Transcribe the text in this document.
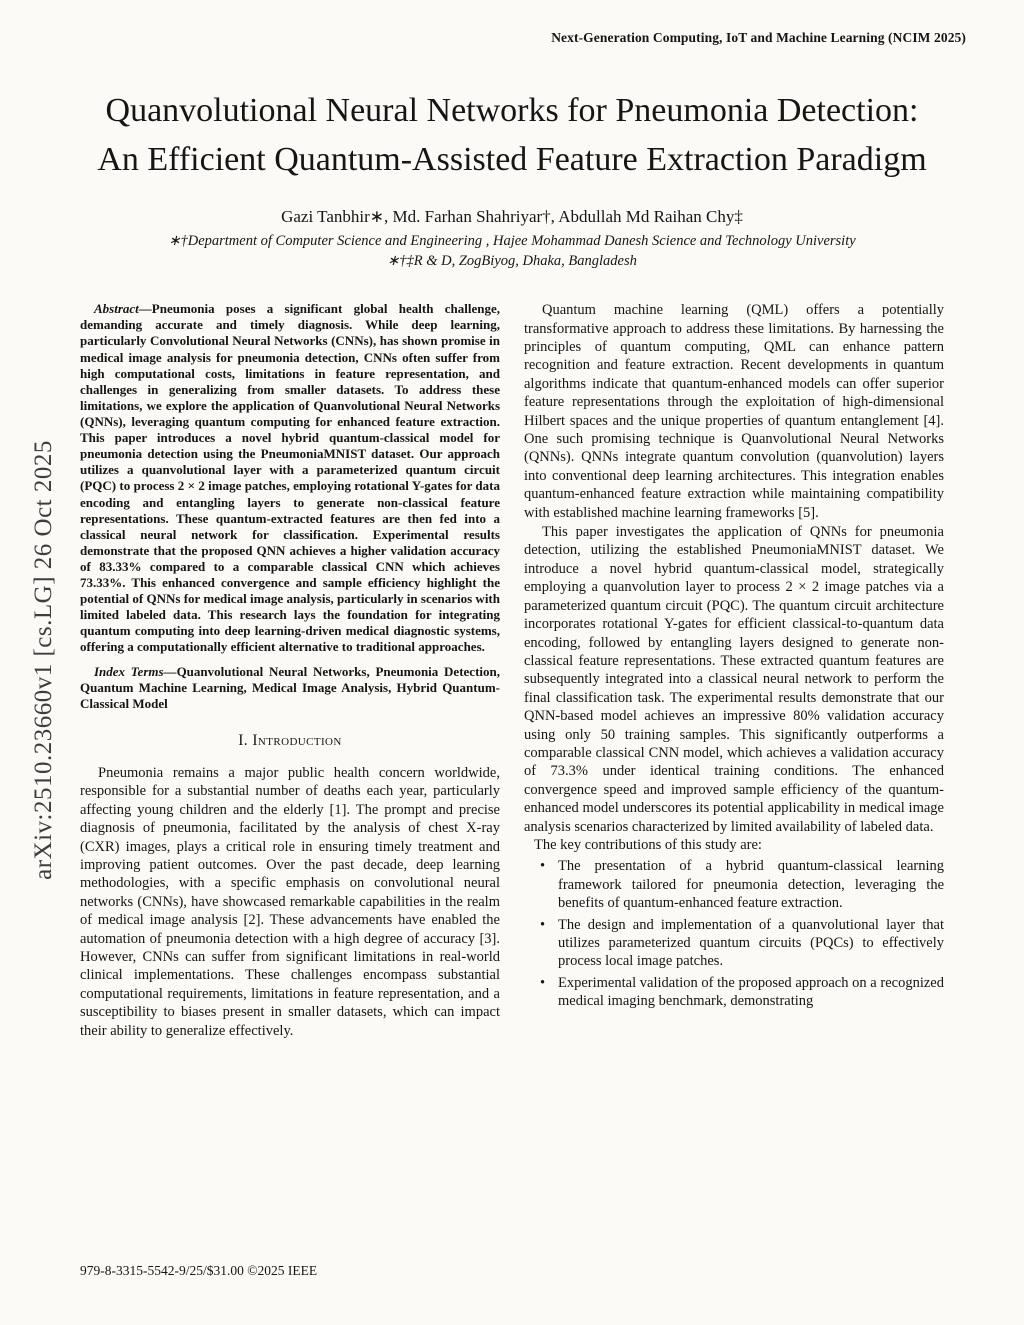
Next-Generation Computing, IoT and Machine Learning (NCIM 2025)
arXiv:2510.23660v1 [cs.LG] 26 Oct 2025
Quanvolutional Neural Networks for Pneumonia Detection: An Efficient Quantum-Assisted Feature Extraction Paradigm
Gazi Tanbhir∗, Md. Farhan Shahriyar†, Abdullah Md Raihan Chy‡
∗†Department of Computer Science and Engineering , Hajee Mohammad Danesh Science and Technology University
∗†‡R & D, ZogBiyog, Dhaka, Bangladesh

Abstract—Pneumonia poses a significant global health challenge, demanding accurate and timely diagnosis. While deep learning, particularly Convolutional Neural Networks (CNNs), has shown promise in medical image analysis for pneumonia detection, CNNs often suffer from high computational costs, limitations in feature representation, and challenges in generalizing from smaller datasets. To address these limitations, we explore the application of Quanvolutional Neural Networks (QNNs), leveraging quantum computing for enhanced feature extraction. This paper introduces a novel hybrid quantum-classical model for pneumonia detection using the PneumoniaMNIST dataset. Our approach utilizes a quanvolutional layer with a parameterized quantum circuit (PQC) to process 2 × 2 image patches, employing rotational Y-gates for data encoding and entangling layers to generate non-classical feature representations. These quantum-extracted features are then fed into a classical neural network for classification. Experimental results demonstrate that the proposed QNN achieves a higher validation accuracy of 83.33% compared to a comparable classical CNN which achieves 73.33%. This enhanced convergence and sample efficiency highlight the potential of QNNs for medical image analysis, particularly in scenarios with limited labeled data. This research lays the foundation for integrating quantum computing into deep learning-driven medical diagnostic systems, offering a computationally efficient alternative to traditional approaches.

Index Terms—Quanvolutional Neural Networks, Pneumonia Detection, Quantum Machine Learning, Medical Image Analysis, Hybrid Quantum-Classical Model

I. Introduction

Pneumonia remains a major public health concern worldwide, responsible for a substantial number of deaths each year, particularly affecting young children and the elderly [1]. The prompt and precise diagnosis of pneumonia, facilitated by the analysis of chest X-ray (CXR) images, plays a critical role in ensuring timely treatment and improving patient outcomes. Over the past decade, deep learning methodologies, with a specific emphasis on convolutional neural networks (CNNs), have showcased remarkable capabilities in the realm of medical image analysis [2]. These advancements have enabled the automation of pneumonia detection with a high degree of accuracy [3]. However, CNNs can suffer from significant limitations in real-world clinical implementations. These challenges encompass substantial computational requirements, limitations in feature representation, and a susceptibility to biases present in smaller datasets, which can impact their ability to generalize effectively.

Quantum machine learning (QML) offers a potentially transformative approach to address these limitations. By harnessing the principles of quantum computing, QML can enhance pattern recognition and feature extraction. Recent developments in quantum algorithms indicate that quantum-enhanced models can offer superior feature representations through the exploitation of high-dimensional Hilbert spaces and the unique properties of quantum entanglement [4]. One such promising technique is Quanvolutional Neural Networks (QNNs). QNNs integrate quantum convolution (quanvolution) layers into conventional deep learning architectures. This integration enables quantum-enhanced feature extraction while maintaining compatibility with established machine learning frameworks [5].

This paper investigates the application of QNNs for pneumonia detection, utilizing the established PneumoniaMNIST dataset. We introduce a novel hybrid quantum-classical model, strategically employing a quanvolution layer to process 2 × 2 image patches via a parameterized quantum circuit (PQC). The quantum circuit architecture incorporates rotational Y-gates for efficient classical-to-quantum data encoding, followed by entangling layers designed to generate non-classical feature representations. These extracted quantum features are subsequently integrated into a classical neural network to perform the final classification task. The experimental results demonstrate that our QNN-based model achieves an impressive 80% validation accuracy using only 50 training samples. This significantly outperforms a comparable classical CNN model, which achieves a validation accuracy of 73.3% under identical training conditions. The enhanced convergence speed and improved sample efficiency of the quantum-enhanced model underscores its potential applicability in medical image analysis scenarios characterized by limited availability of labeled data.

The key contributions of this study are:

• The presentation of a hybrid quantum-classical learning framework tailored for pneumonia detection, leveraging the benefits of quantum-enhanced feature extraction.
• The design and implementation of a quanvolutional layer that utilizes parameterized quantum circuits (PQCs) to effectively process local image patches.
• Experimental validation of the proposed approach on a recognized medical imaging benchmark, demonstrating
979-8-3315-5542-9/25/$31.00 ©2025 IEEE
